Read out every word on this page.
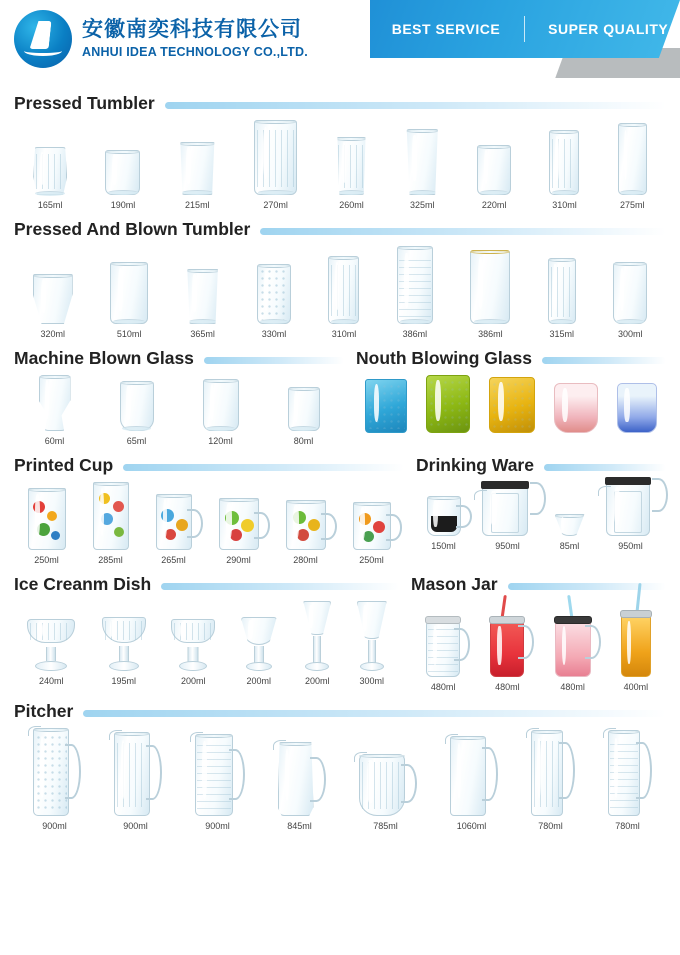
安徽南奕科技有限公司
ANHUI IDEA TECHNOLOGY CO.,LTD.
BEST SERVICE	SUPER QUALITY
Pressed Tumbler
165ml	190ml	215ml	270ml	260ml	325ml	220ml	310ml	275ml
Pressed And Blown Tumbler
320ml	510ml	365ml	330ml	310ml	386ml	386ml	315ml	300ml
Machine Blown Glass
60ml	65ml	120ml	80ml
Nouth Blowing Glass
Printed Cup
250ml	285ml	265ml	290ml	280ml	250ml
Drinking Ware
150ml	950ml	85ml	950ml
Ice Creanm Dish
240ml	195ml	200ml	200ml	200ml	300ml
Mason Jar
480ml	480ml	480ml	400ml
Pitcher
900ml	900ml	900ml	845ml	785ml	1060ml	780ml	780ml
